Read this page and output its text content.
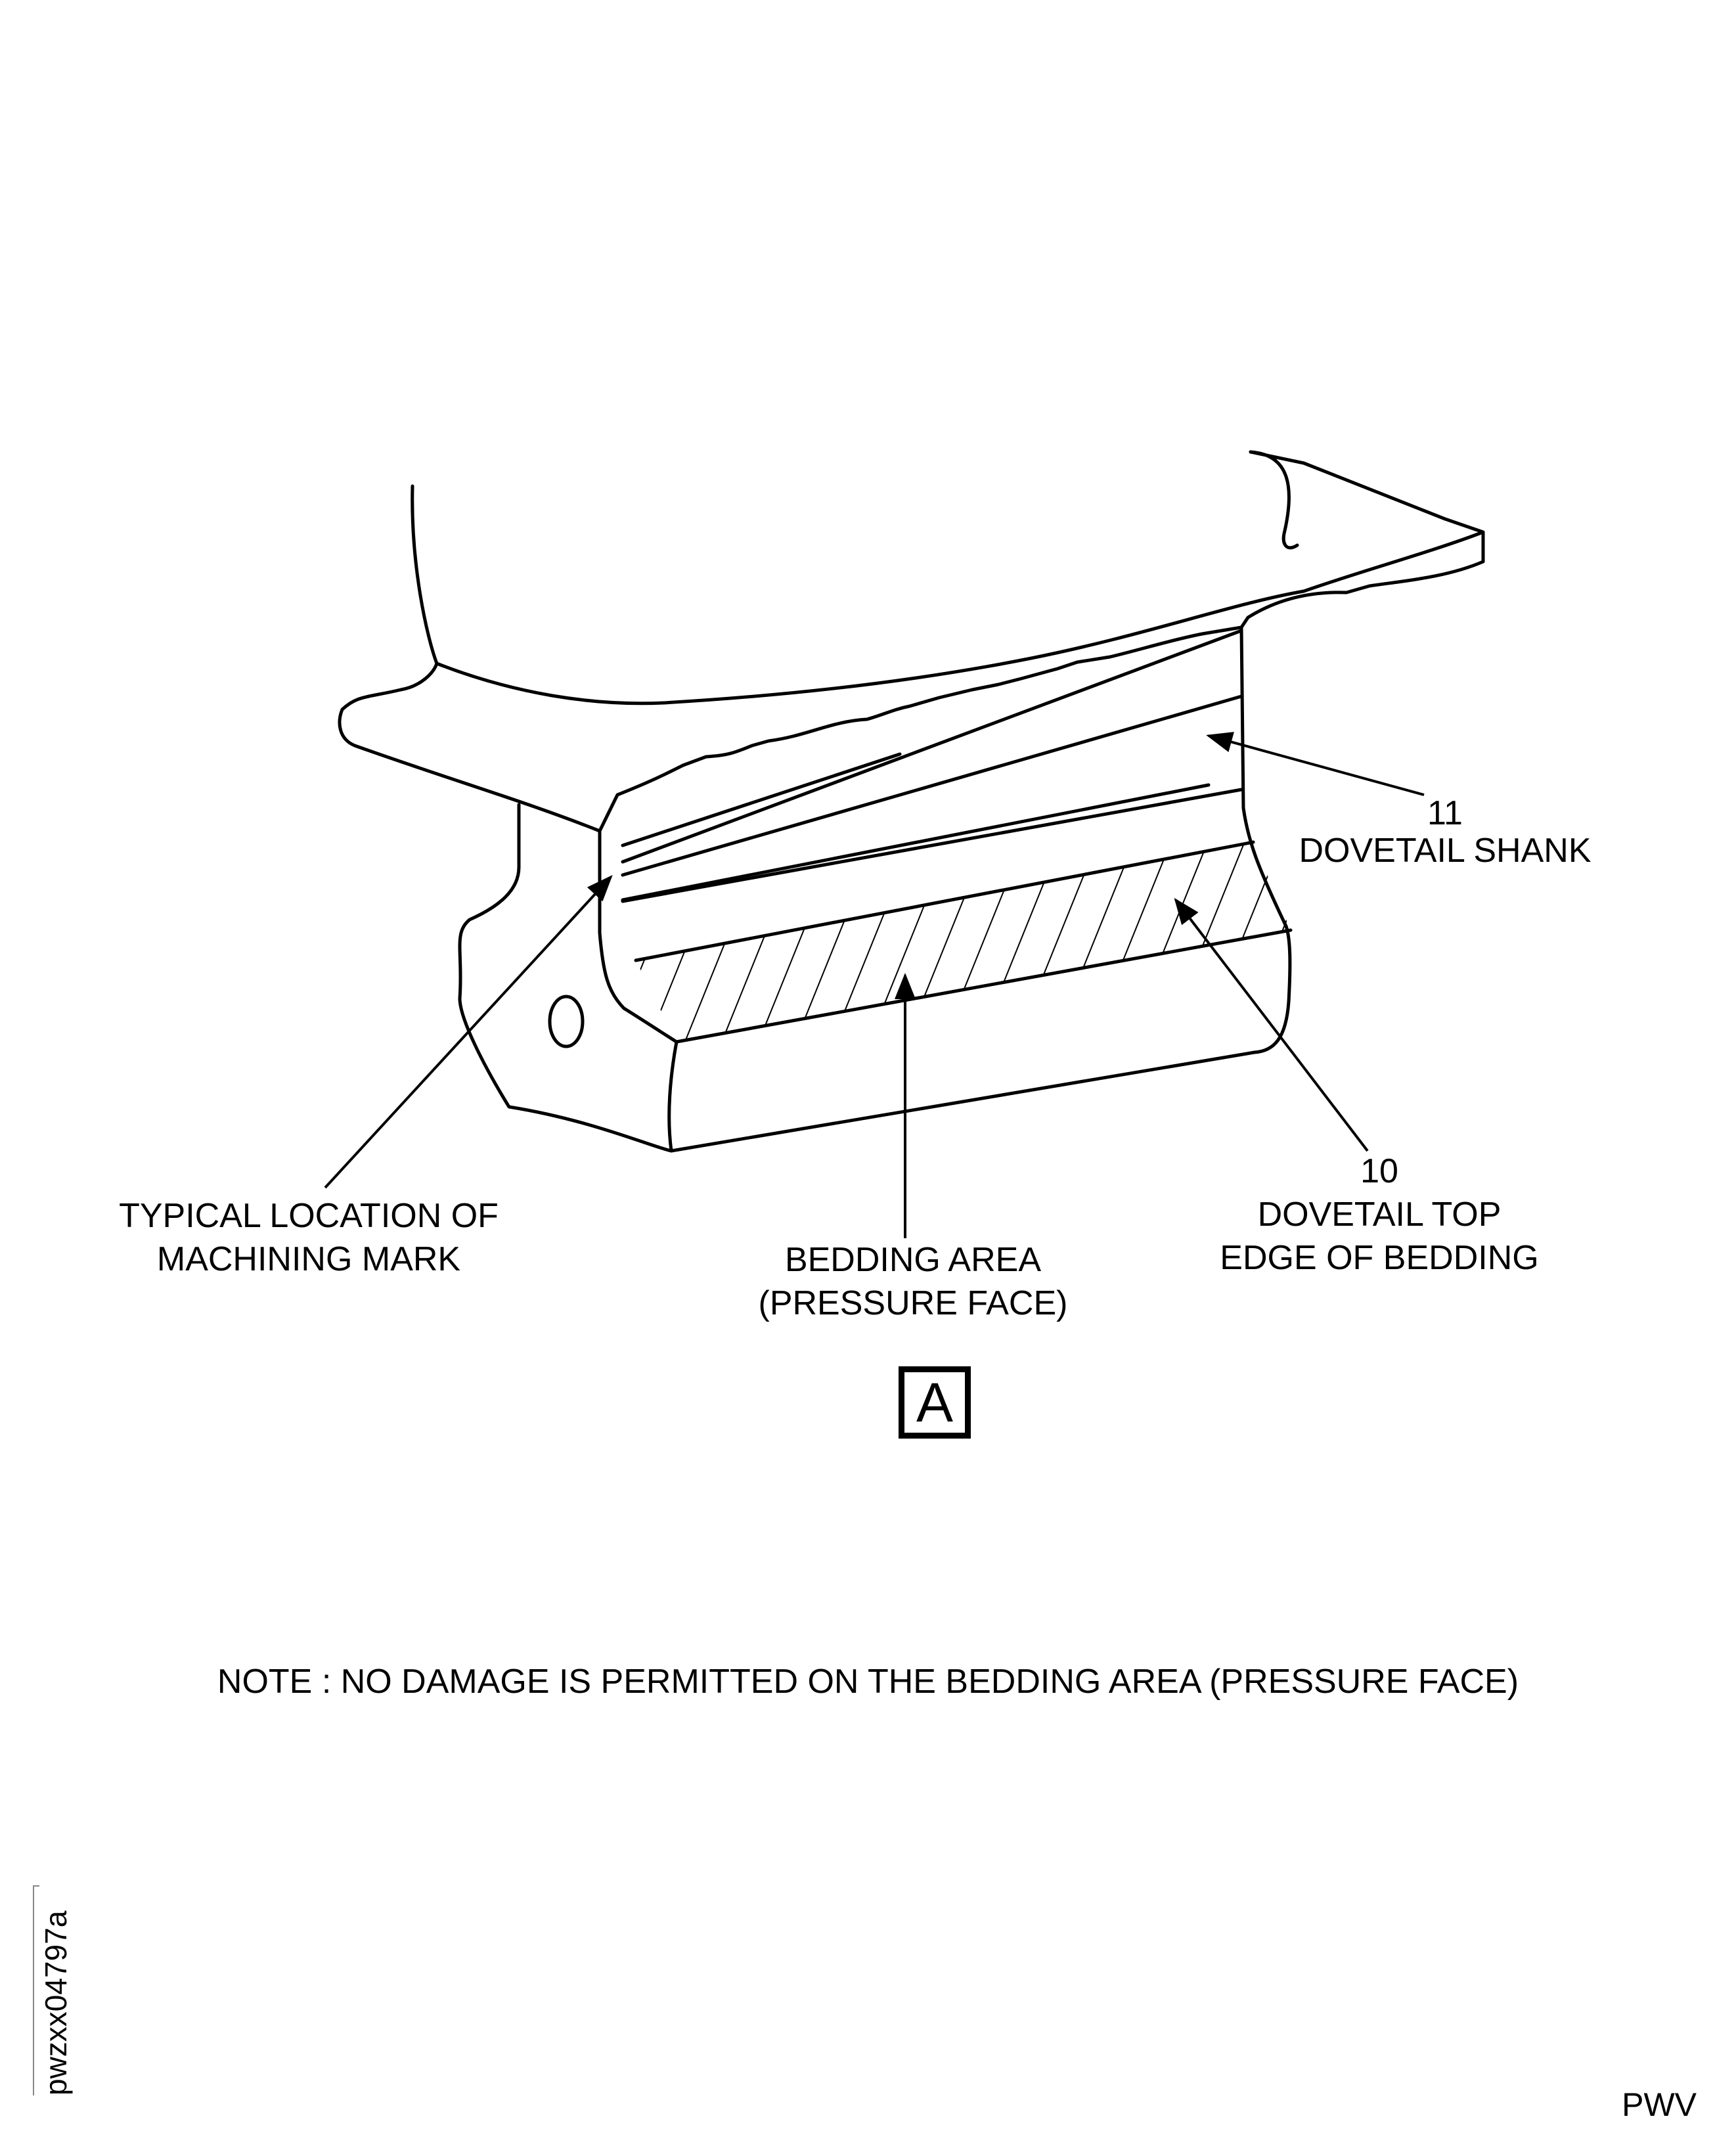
11
DOVETAIL SHANK
10
DOVETAIL TOP
EDGE OF BEDDING
BEDDING AREA
(PRESSURE FACE)
TYPICAL LOCATION OF
MACHINING MARK
A
NOTE : NO DAMAGE IS PERMITTED ON THE BEDDING AREA (PRESSURE FACE)
pwzxx04797a
PWV
